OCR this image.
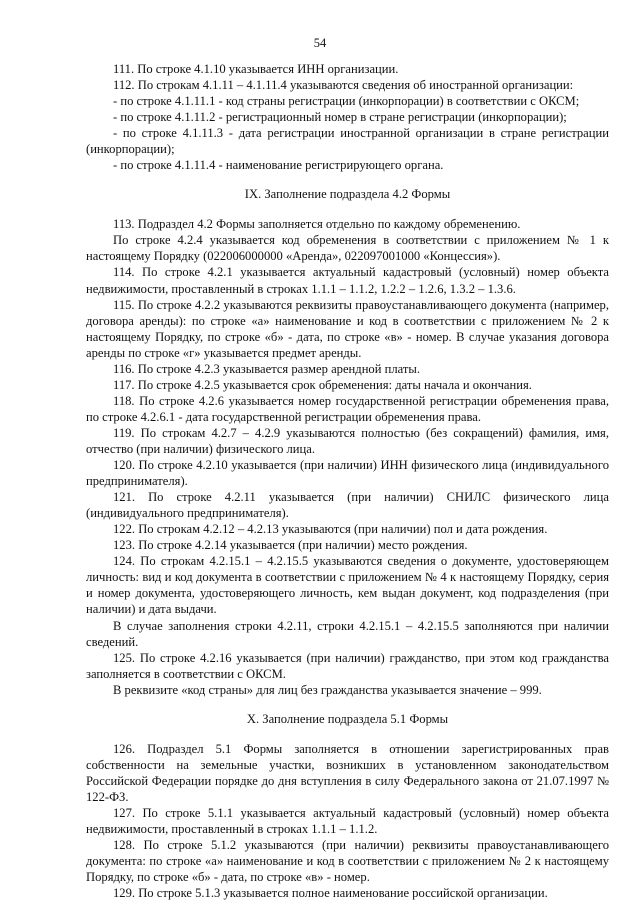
54

111. По строке 4.1.10 указывается ИНН организации.

112. По строкам 4.1.11 – 4.1.11.4 указываются сведения об иностранной организации:

- по строке 4.1.11.1 - код страны регистрации (инкорпорации) в соответствии с ОКСМ;

- по строке 4.1.11.2 - регистрационный номер в стране регистрации (инкорпорации);

- по строке 4.1.11.3 - дата регистрации иностранной организации в стране регистрации (инкорпорации);

- по строке 4.1.11.4 - наименование регистрирующего органа.

IX. Заполнение подраздела 4.2 Формы

113. Подраздел 4.2 Формы заполняется отдельно по каждому обременению.

По строке 4.2.4 указывается код обременения в соответствии с приложением № 1 к настоящему Порядку (022006000000 «Аренда», 022097001000 «Концессия»).

114. По строке 4.2.1 указывается актуальный кадастровый (условный) номер объекта недвижимости, проставленный в строках 1.1.1 – 1.1.2, 1.2.2 – 1.2.6, 1.3.2 – 1.3.6.

115. По строке 4.2.2 указываются реквизиты правоустанавливающего документа (например, договора аренды): по строке «а» наименование и код в соответствии с приложением № 2 к настоящему Порядку, по строке «б» - дата, по строке «в» - номер. В случае указания договора аренды по строке «г» указывается предмет аренды.

116. По строке 4.2.3 указывается размер арендной платы.

117. По строке 4.2.5 указывается срок обременения: даты начала и окончания.

118. По строке 4.2.6 указывается номер государственной регистрации обременения права, по строке 4.2.6.1 - дата государственной регистрации обременения права.

119. По строкам 4.2.7 – 4.2.9 указываются полностью (без сокращений) фамилия, имя, отчество (при наличии) физического лица.

120. По строке 4.2.10 указывается (при наличии) ИНН физического лица (индивидуального предпринимателя).

121. По строке 4.2.11 указывается (при наличии) СНИЛС физического лица (индивидуального предпринимателя).

122. По строкам 4.2.12 – 4.2.13 указываются (при наличии) пол и дата рождения.

123. По строке 4.2.14 указывается (при наличии) место рождения.

124. По строкам 4.2.15.1 – 4.2.15.5 указываются сведения о документе, удостоверяющем личность: вид и код документа в соответствии с приложением № 4 к настоящему Порядку, серия и номер документа, удостоверяющего личность, кем выдан документ, код подразделения (при наличии) и дата выдачи.

В случае заполнения строки 4.2.11, строки 4.2.15.1 – 4.2.15.5 заполняются при наличии сведений.

125. По строке 4.2.16 указывается (при наличии) гражданство, при этом код гражданства заполняется в соответствии с ОКСМ.

В реквизите «код страны» для лиц без гражданства указывается значение – 999.

X. Заполнение подраздела 5.1 Формы

126. Подраздел 5.1 Формы заполняется в отношении зарегистрированных прав собственности на земельные участки, возникших в установленном законодательством Российской Федерации порядке до дня вступления в силу Федерального закона от 21.07.1997 № 122-ФЗ.

127. По строке 5.1.1 указывается актуальный кадастровый (условный) номер объекта недвижимости, проставленный в строках 1.1.1 – 1.1.2.

128. По строке 5.1.2 указываются (при наличии) реквизиты правоустанавливающего документа: по строке «а» наименование и код в соответствии с приложением № 2 к настоящему Порядку, по строке «б» - дата, по строке «в» - номер.

129. По строке 5.1.3 указывается полное наименование российской организации.
